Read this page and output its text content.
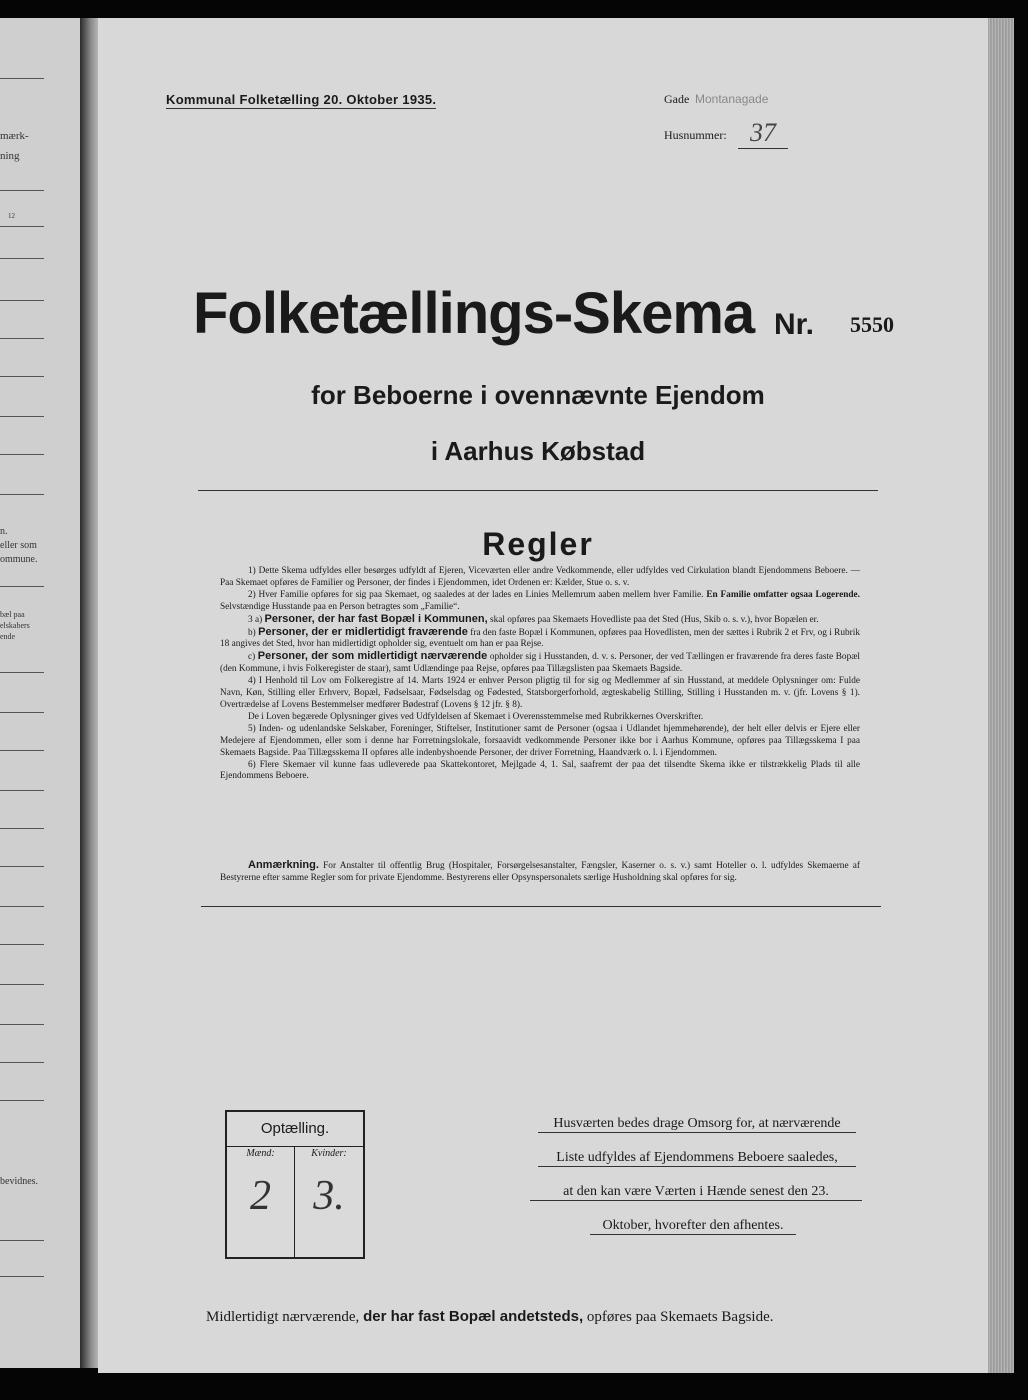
mærk-
ning
12
n.
eller som
ommune.
bæl paa
elskabers
ende
bevidnes.
Kommunal Folketælling 20. Oktober 1935.	Gade Montanagade
Husnummer: 37
Folketællings-Skema Nr. 5550
for Beboerne i ovennævnte Ejendom
i Aarhus Købstad
Regler

1) Dette Skema udfyldes eller besørges udfyldt af Ejeren, Viceværten eller andre Vedkommende, eller udfyldes ved Cirkulation blandt Ejendommens Beboere. — Paa Skemaet opføres de Familier og Personer, der findes i Ejendommen, idet Ordenen er: Kælder, Stue o. s. v.

2) Hver Familie opføres for sig paa Skemaet, og saaledes at der lades en Linies Mellemrum aaben mellem hver Familie. En Familie omfatter ogsaa Logerende. Selvstændige Husstande paa en Person betragtes som „Familie“.

3 a) Personer, der har fast Bopæl i Kommunen, skal opføres paa Skemaets Hovedliste paa det Sted (Hus, Skib o. s. v.), hvor Bopælen er.

b) Personer, der er midlertidigt fraværende fra den faste Bopæl i Kommunen, opføres paa Hovedlisten, men der sættes i Rubrik 2 et Frv, og i Rubrik 18 angives det Sted, hvor han midlertidigt opholder sig, eventuelt om han er paa Rejse.

c) Personer, der som midlertidigt nærværende opholder sig i Husstanden, d. v. s. Personer, der ved Tællingen er fraværende fra deres faste Bopæl (den Kommune, i hvis Folkeregister de staar), samt Udlændinge paa Rejse, opføres paa Tillægslisten paa Skemaets Bagside.

4) I Henhold til Lov om Folkeregistre af 14. Marts 1924 er enhver Person pligtig til for sig og Medlemmer af sin Husstand, at meddele Oplysninger om: Fulde Navn, Køn, Stilling eller Erhverv, Bopæl, Fødselsaar, Fødselsdag og Fødested, Statsborgerforhold, ægteskabelig Stilling, Stilling i Husstanden m. v. (jfr. Lovens § 1). Overtrædelse af Lovens Bestemmelser medfører Bødestraf (Lovens § 12 jfr. § 8).

De i Loven begærede Oplysninger gives ved Udfyldelsen af Skemaet i Overensstemmelse med Rubrikkernes Overskrifter.

5) Inden- og udenlandske Selskaber, Foreninger, Stiftelser, Institutioner samt de Personer (ogsaa i Udlandet hjemmehørende), der helt eller delvis er Ejere eller Medejere af Ejendommen, eller som i denne har Forretningslokale, forsaavidt vedkommende Personer ikke bor i Aarhus Kommune, opføres paa Tillægsskema I paa Skemaets Bagside. Paa Tillægsskema II opføres alle indenbyshoende Personer, der driver Forretning, Haandværk o. l. i Ejendommen.

6) Flere Skemaer vil kunne faas udleverede paa Skattekontoret, Mejlgade 4, 1. Sal, saafremt der paa det tilsendte Skema ikke er tilstrækkelig Plads til alle Ejendommens Beboere.

Anmærkning. For Anstalter til offentlig Brug (Hospitaler, Forsørgelsesanstalter, Fængsler, Kaserner o. s. v.) samt Hoteller o. l. udfyldes Skemaerne af Bestyrerne efter samme Regler som for private Ejendomme. Bestyrerens eller Opsynspersonalets særlige Husholdning skal opføres for sig.

Optælling.
Mænd:	Kvinder:
2	3.
Husværten bedes drage Omsorg for, at nærværende
Liste udfyldes af Ejendommens Beboere saaledes,
at den kan være Værten i Hænde senest den 23.
Oktober, hvorefter den afhentes.
Midlertidigt nærværende, der har fast Bopæl andetsteds, opføres paa Skemaets Bagside.
